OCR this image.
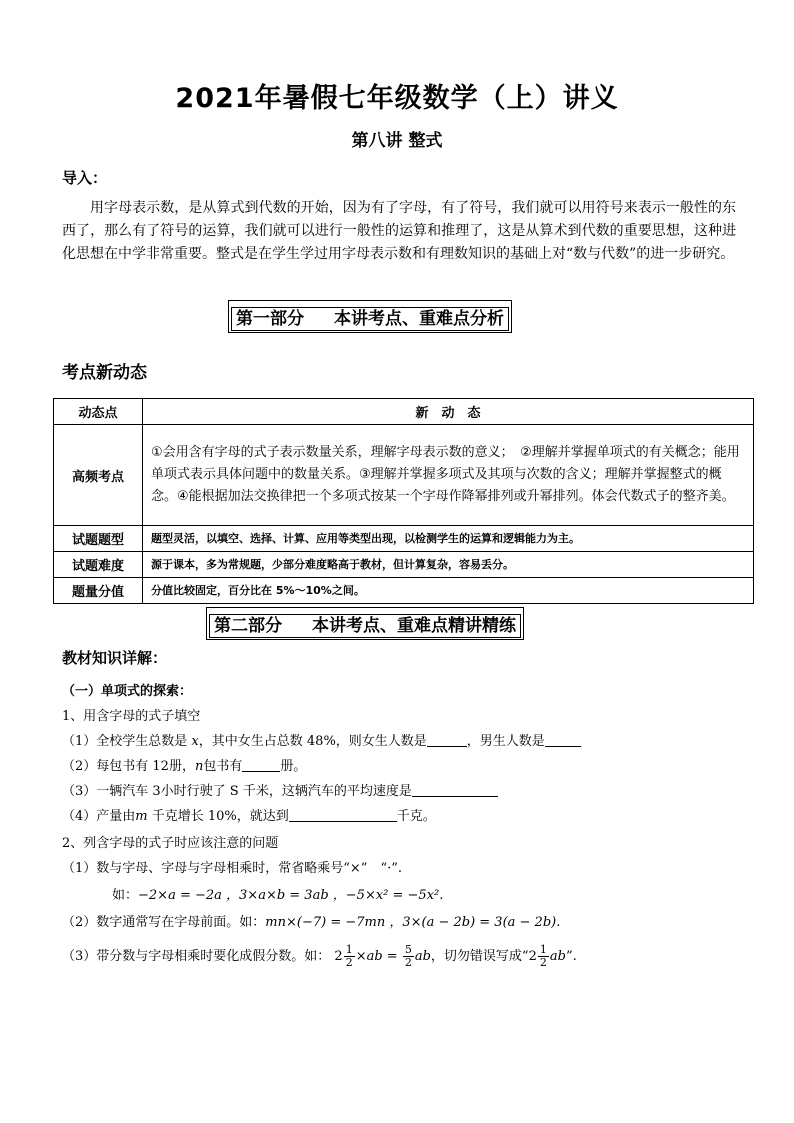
2021年暑假七年级数学（上）讲义
第八讲 整式
导入：
用字母表示数，是从算式到代数的开始，因为有了字母，有了符号，我们就可以用符号来表示一般性的东西了，那么有了符号的运算，我们就可以进行一般性的运算和推理了，这是从算术到代数的重要思想，这种进化思想在中学非常重要。整式是在学生学过用字母表示数和有理数知识的基础上对“数与代数”的进一步研究。
第一部分 本讲考点、重难点分析
考点新动态
动态点	新　动　态
高频考点	①会用含有字母的式子表示数量关系，理解字母表示数的意义；　②理解并掌握单项式的有关概念；能用单项式表示具体问题中的数量关系。③理解并掌握多项式及其项与次数的含义；理解并掌握整式的概念。④能根据加法交换律把一个多项式按某一个字母作降幂排列或升幂排列。体会代数式子的整齐美。
试题题型	题型灵活，以填空、选择、计算、应用等类型出现，以检测学生的运算和逻辑能力为主。
试题难度	源于课本，多为常规题，少部分难度略高于教材，但计算复杂，容易丢分。
题量分值	分值比较固定，百分比在 5%～10%之间。
第二部分 本讲考点、重难点精讲精练
教材知识详解：
（一）单项式的探索：
1、用含字母的式子填空
（1）全校学生总数是 x，其中女生占总数 48%，则女生人数是	，男生人数是
（2）每包书有 12册，n包书有	册。
（3）一辆汽车 3小时行驶了 S 千米，这辆汽车的平均速度是
（4）产量由m 千克增长 10%，就达到	千克。
2、列含字母的式子时应该注意的问题
（1）数与字母、字母与字母相乘时，常省略乘号“×”　“·”.
如：−2×a = −2a ，3×a×b = 3ab ，−5×x² = −5x².
（2）数字通常写在字母前面。如：mn×(−7) = −7mn ，3×(a − 2b) = 3(a − 2b).
（3）带分数与字母相乘时要化成假分数。如： $2 \frac{1}{2} \times ab = \frac{5}{2}$ ab，切勿错误写成“$2 \frac{1}{2}$ ab”.
